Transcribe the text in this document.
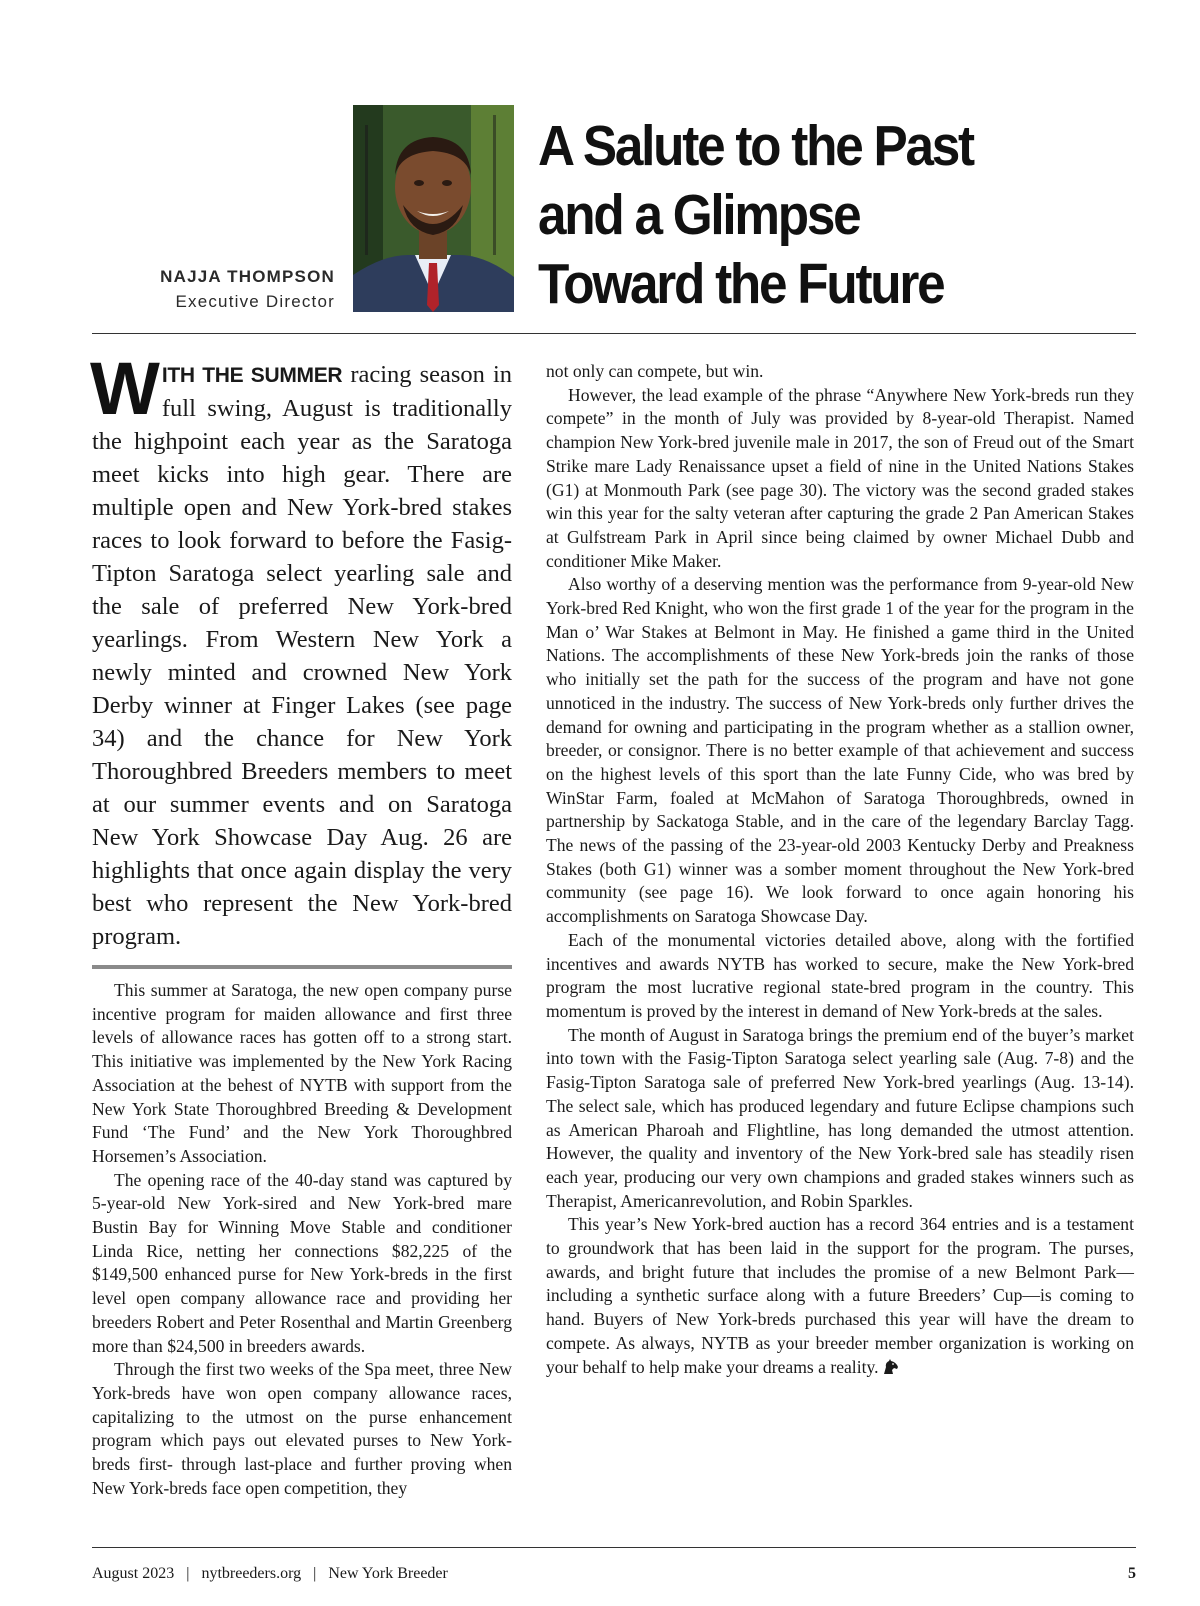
NAJJA THOMPSON
Executive Director
A Salute to the Past
and a Glimpse
Toward the Future

WITH THE SUMMER racing season in full swing, August is traditionally the highpoint each year as the Saratoga meet kicks into high gear. There are multiple open and New York-bred stakes races to look forward to before the Fasig-Tipton Saratoga select yearling sale and the sale of preferred New York-bred yearlings. From Western New York a newly minted and crowned New York Derby winner at Finger Lakes (see page 34) and the chance for New York Thoroughbred Breeders members to meet at our summer events and on Saratoga New York Showcase Day Aug. 26 are highlights that once again display the very best who represent the New York-bred program.

This summer at Saratoga, the new open company purse incentive program for maiden allowance and first three levels of allowance races has gotten off to a strong start. This initiative was implemented by the New York Racing Association at the behest of NYTB with support from the New York State Thoroughbred Breeding & Development Fund ‘The Fund’ and the New York Thoroughbred Horsemen’s Association.

The opening race of the 40-day stand was captured by 5-year-old New York-sired and New York-bred mare Bustin Bay for Winning Move Stable and conditioner Linda Rice, netting her connections $82,225 of the $149,500 enhanced purse for New York-breds in the first level open company allowance race and providing her breeders Robert and Peter Rosenthal and Martin Greenberg more than $24,500 in breeders awards.

Through the first two weeks of the Spa meet, three New York-breds have won open company allowance races, capitalizing to the utmost on the purse enhancement program which pays out elevated purses to New York-breds first- through last-place and further proving when New York-breds face open competition, they

not only can compete, but win.

However, the lead example of the phrase “Anywhere New York-breds run they compete” in the month of July was provided by 8-year-old Therapist. Named champion New York-bred juvenile male in 2017, the son of Freud out of the Smart Strike mare Lady Renaissance upset a field of nine in the United Nations Stakes (G1) at Monmouth Park (see page 30). The victory was the second graded stakes win this year for the salty veteran after capturing the grade 2 Pan American Stakes at Gulfstream Park in April since being claimed by owner Michael Dubb and conditioner Mike Maker.

Also worthy of a deserving mention was the performance from 9-year-old New York-bred Red Knight, who won the first grade 1 of the year for the program in the Man o’ War Stakes at Belmont in May. He finished a game third in the United Nations. The accomplishments of these New York-breds join the ranks of those who initially set the path for the success of the program and have not gone unnoticed in the industry. The success of New York-breds only further drives the demand for owning and participating in the program whether as a stallion owner, breeder, or consignor. There is no better example of that achievement and success on the highest levels of this sport than the late Funny Cide, who was bred by WinStar Farm, foaled at McMahon of Saratoga Thoroughbreds, owned in partnership by Sackatoga Stable, and in the care of the legendary Barclay Tagg. The news of the passing of the 23-year-old 2003 Kentucky Derby and Preakness Stakes (both G1) winner was a somber moment throughout the New York-bred community (see page 16). We look forward to once again honoring his accomplishments on Saratoga Showcase Day.

Each of the monumental victories detailed above, along with the fortified incentives and awards NYTB has worked to secure, make the New York-bred program the most lucrative regional state-bred program in the country. This momentum is proved by the interest in demand of New York-breds at the sales.

The month of August in Saratoga brings the premium end of the buyer’s market into town with the Fasig-Tipton Saratoga select yearling sale (Aug. 7-8) and the Fasig-Tipton Saratoga sale of preferred New York-bred yearlings (Aug. 13-14). The select sale, which has produced legendary and future Eclipse champions such as American Pharoah and Flightline, has long demanded the utmost attention. However, the quality and inventory of the New York-bred sale has steadily risen each year, producing our very own champions and graded stakes winners such as Therapist, Americanrevolution, and Robin Sparkles.

This year’s New York-bred auction has a record 364 entries and is a testament to groundwork that has been laid in the support for the program. The purses, awards, and bright future that includes the promise of a new Belmont Park—including a synthetic surface along with a future Breeders’ Cup—is coming to hand. Buyers of New York-breds purchased this year will have the dream to compete. As always, NYTB as your breeder member organization is working on your behalf to help make your dreams a reality.

August 2023 | nytbreeders.org | New York Breeder	5
